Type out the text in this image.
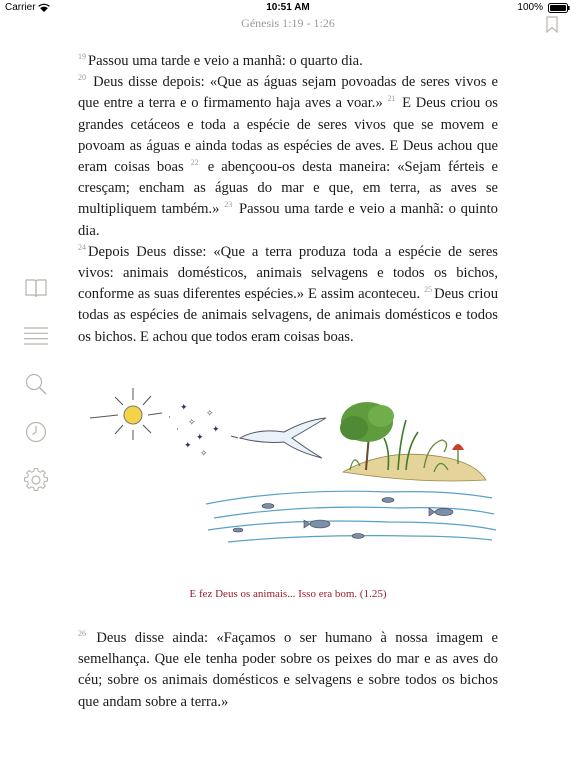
Carrier	10:51 AM	100%
Génesis 1:19 - 1:26

$^{19}$ Passou uma tarde e veio a manhã: o quarto dia.

$^{20}$ Deus disse depois: «Que as águas sejam povoadas de seres vivos e que entre a terra e o firmamento haja aves a voar.» $^{21}$ E Deus criou os grandes cetáceos e toda a espécie de seres vivos que se movem e povoam as águas e ainda todas as espécies de aves. E Deus achou que eram coisas boas $^{22}$ e abençoou-os desta maneira: «Sejam férteis e cresçam; encham as águas do mar e que, em terra, as aves se multipliquem também.» $^{23}$ Passou uma tarde e veio a manhã: o quinto dia.

$^{24}$ Depois Deus disse: «Que a terra produza toda a espécie de seres vivos: animais domésticos, animais selvagens e todos os bichos, conforme as suas diferentes espécies.» E assim aconteceu. $^{25}$ Deus criou todas as espécies de animais selvagens, de animais domésticos e todos os bichos. E achou que todos eram coisas boas.

✦
✧
✦
✧
·
✦
✧
✦
·
E fez Deus os animais... Isso era bom. (1.25)

$^{26}$ Deus disse ainda: «Façamos o ser humano à nossa imagem e semelhança. Que ele tenha poder sobre os peixes do mar e as aves do céu; sobre os animais domésticos e selvagens e sobre todos os bichos que andam sobre a terra.»
